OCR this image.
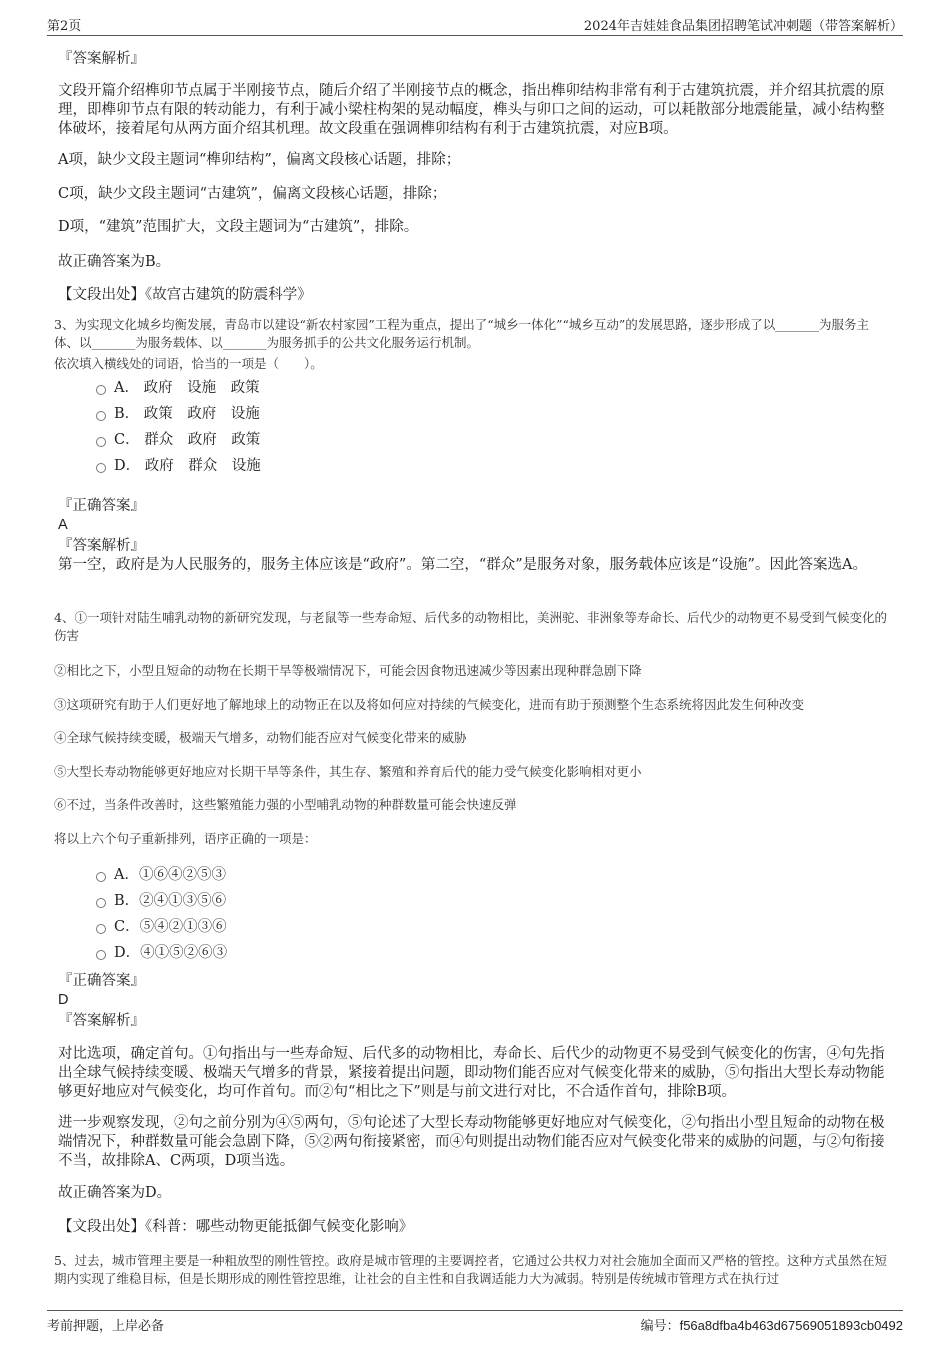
第2页	2024年吉娃娃食品集团招聘笔试冲刺题（带答案解析）
『答案解析』

文段开篇介绍榫卯节点属于半刚接节点，随后介绍了半刚接节点的概念，指出榫卯结构非常有利于古建筑抗震，并介绍其抗震的原理，即榫卯节点有限的转动能力，有利于减小梁柱构架的晃动幅度，榫头与卯口之间的运动，可以耗散部分地震能量，减小结构整体破坏，接着尾句从两方面介绍其机理。故文段重在强调榫卯结构有利于古建筑抗震，对应B项。

A项，缺少文段主题词“榫卯结构”，偏离文段核心话题，排除；

C项，缺少文段主题词“古建筑”，偏离文段核心话题，排除；

D项，“建筑”范围扩大，文段主题词为“古建筑”，排除。

故正确答案为B。

【文段出处】《故宫古建筑的防震科学》

3、为实现文化城乡均衡发展，青岛市以建设“新农村家园”工程为重点，提出了“城乡一体化”“城乡互动”的发展思路，逐步形成了以_______为服务主体、以_______为服务载体、以_______为服务抓手的公共文化服务运行机制。

依次填入横线处的词语，恰当的一项是（　　）。

A． 政府　设施　政策
B． 政策　政府　设施
C． 群众　政府　政策
D． 政府　群众　设施
『正确答案』
A
『答案解析』

第一空，政府是为人民服务的，服务主体应该是“政府”。第二空，“群众”是服务对象，服务载体应该是“设施”。因此答案选A。

4、①一项针对陆生哺乳动物的新研究发现，与老鼠等一些寿命短、后代多的动物相比，美洲驼、非洲象等寿命长、后代少的动物更不易受到气候变化的伤害

②相比之下，小型且短命的动物在长期干旱等极端情况下，可能会因食物迅速减少等因素出现种群急剧下降

③这项研究有助于人们更好地了解地球上的动物正在以及将如何应对持续的气候变化，进而有助于预测整个生态系统将因此发生何种改变

④全球气候持续变暖，极端天气增多，动物们能否应对气候变化带来的威胁

⑤大型长寿动物能够更好地应对长期干旱等条件，其生存、繁殖和养育后代的能力受气候变化影响相对更小

⑥不过，当条件改善时，这些繁殖能力强的小型哺乳动物的种群数量可能会快速反弹

将以上六个句子重新排列，语序正确的一项是：

A．①⑥④②⑤③
B．②④①③⑤⑥
C．⑤④②①③⑥
D．④①⑤②⑥③
『正确答案』
D
『答案解析』

对比选项，确定首句。①句指出与一些寿命短、后代多的动物相比，寿命长、后代少的动物更不易受到气候变化的伤害，④句先指出全球气候持续变暖、极端天气增多的背景，紧接着提出问题，即动物们能否应对气候变化带来的威胁，⑤句指出大型长寿动物能够更好地应对气候变化，均可作首句。而②句“相比之下”则是与前文进行对比，不合适作首句，排除B项。

进一步观察发现，②句之前分别为④⑤两句，⑤句论述了大型长寿动物能够更好地应对气候变化，②句指出小型且短命的动物在极端情况下，种群数量可能会急剧下降，⑤②两句衔接紧密，而④句则提出动物们能否应对气候变化带来的威胁的问题，与②句衔接不当，故排除A、C两项，D项当选。

故正确答案为D。

【文段出处】《科普：哪些动物更能抵御气候变化影响》

5、过去，城市管理主要是一种粗放型的刚性管控。政府是城市管理的主要调控者，它通过公共权力对社会施加全面而又严格的管控。这种方式虽然在短期内实现了维稳目标，但是长期形成的刚性管控思维，让社会的自主性和自我调适能力大为减弱。特别是传统城市管理方式在执行过

考前押题，上岸必备	编号：f56a8dfba4b463d67569051893cb0492
